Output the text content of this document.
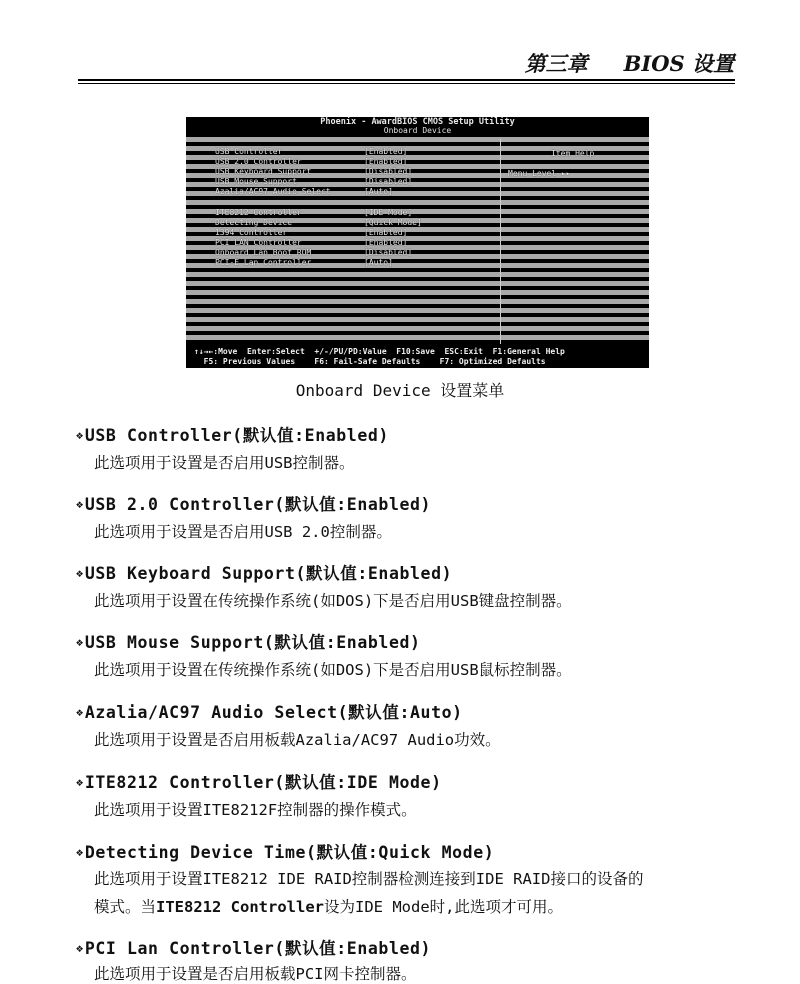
第三章 BIOS 设置
Phoenix - AwardBIOS CMOS Setup Utility
Onboard Device
Item Help
Menu Level ▸▸
USB Controller	[Enabled]
USB 2.0 Controller	[Enabled]
USB Keyboard Support	[Disabled]
USB Mouse Support	[Disabled]
Azalia/AC97 Audio Select	[Auto]
ITE8212 Controller	[IDE Mode]
Detecting Device	[Quick Mode]
1394 Controller	[Enabled]
PCI LAN Controller	[Enabled]
Onboard Lan Boot ROM	[Disabled]
PCI-E Lan Controller	[Auto]
↑↓→←:Move  Enter:Select  +/-/PU/PD:Value  F10:Save  ESC:Exit  F1:General Help
F5: Previous Values    F6: Fail-Safe Defaults    F7: Optimized Defaults
Onboard Device 设置菜单
❖USB Controller(默认值:Enabled)
此选项用于设置是否启用USB控制器。
❖USB 2.0 Controller(默认值:Enabled)
此选项用于设置是否启用USB 2.0控制器。
❖USB Keyboard Support(默认值:Enabled)
此选项用于设置在传统操作系统(如DOS)下是否启用USB键盘控制器。
❖USB Mouse Support(默认值:Enabled)
此选项用于设置在传统操作系统(如DOS)下是否启用USB鼠标控制器。
❖Azalia/AC97 Audio Select(默认值:Auto)
此选项用于设置是否启用板载Azalia/AC97 Audio功效。
❖ITE8212 Controller(默认值:IDE Mode)
此选项用于设置ITE8212F控制器的操作模式。
❖Detecting Device Time(默认值:Quick Mode)
此选项用于设置ITE8212 IDE RAID控制器检测连接到IDE RAID接口的设备的
模式。当ITE8212 Controller设为IDE Mode时,此选项才可用。
❖PCI Lan Controller(默认值:Enabled)
此选项用于设置是否启用板载PCI网卡控制器。
